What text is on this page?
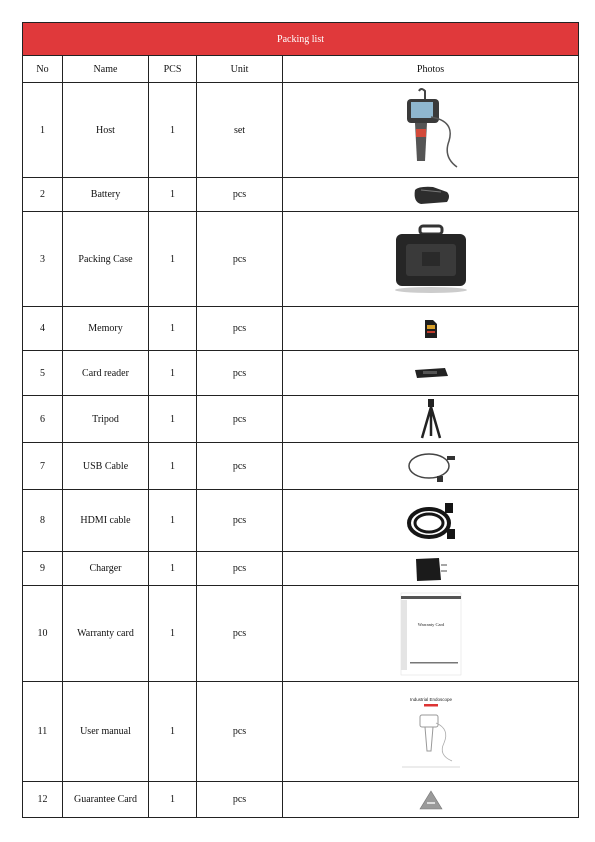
Packing list				
No	Name	PCS	Unit	Photos
1	Host	1	set	

2	Battery	1	pcs	

3	Packing Case	1	pcs	

4	Memory	1	pcs	

5	Card reader	1	pcs	

6	Tripod	1	pcs	

7	USB Cable	1	pcs	

8	HDMI cable	1	pcs	

9	Charger	1	pcs	

10	Warranty card	1	pcs	Warranty Card

11	User manual	1	pcs	Industrial Endoscope

12	Guarantee Card	1	pcs	
